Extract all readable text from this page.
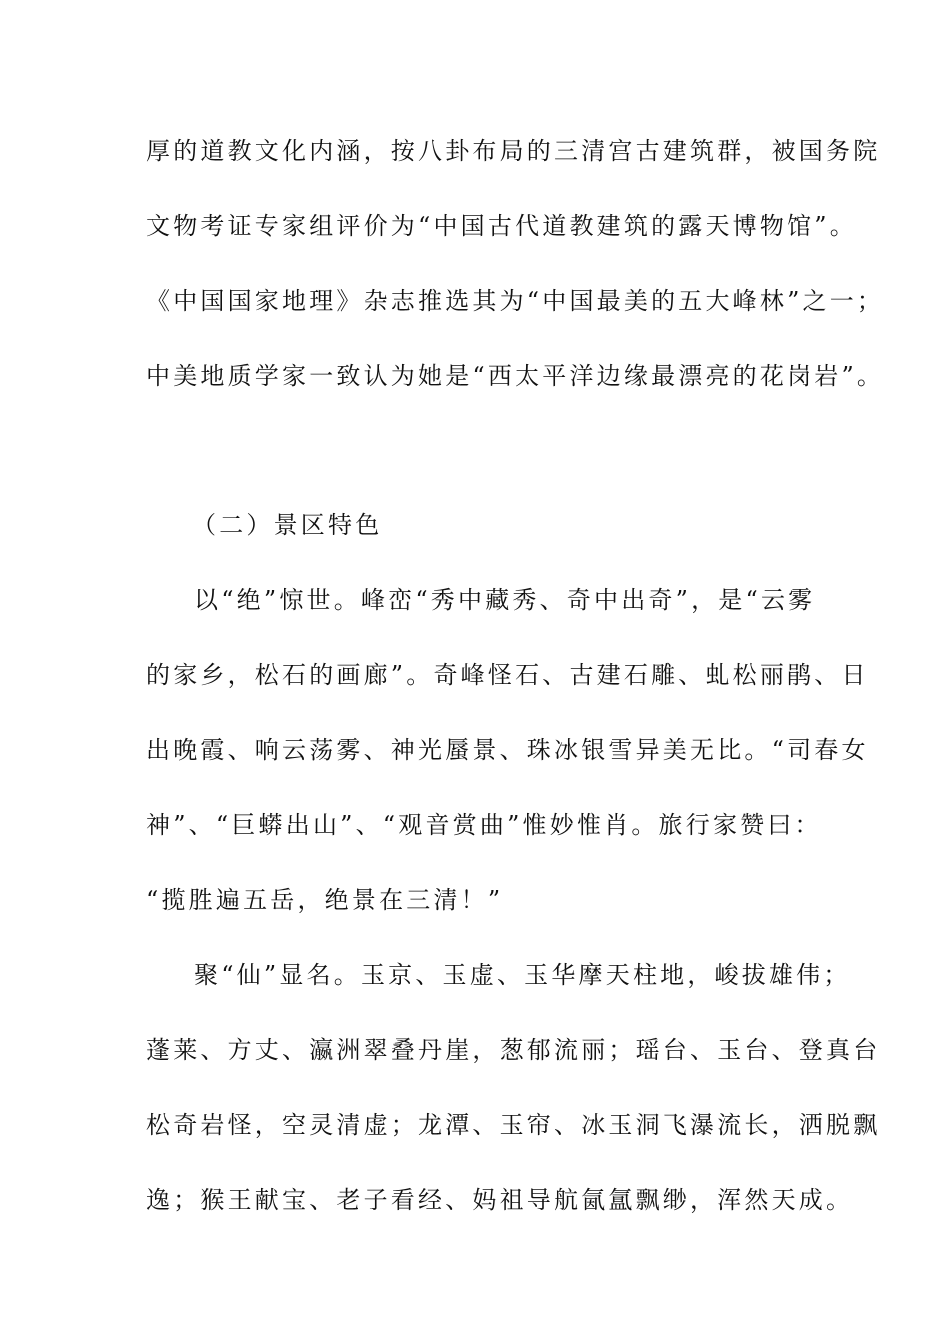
厚的道教文化内涵，按八卦布局的三清宫古建筑群，被国务院
文物考证专家组评价为“中国古代道教建筑的露天博物馆”。
《中国国家地理》杂志推选其为“中国最美的五大峰林”之一；
中美地质学家一致认为她是“西太平洋边缘最漂亮的花岗岩”。
（二）景区特色
以“绝”惊世。峰峦“秀中藏秀、奇中出奇”，是“云雾
的家乡，松石的画廊”。奇峰怪石、古建石雕、虬松丽鹃、日
出晚霞、响云荡雾、神光蜃景、珠冰银雪异美无比。“司春女
神”、“巨蟒出山”、“观音赏曲”惟妙惟肖。旅行家赞曰：
“揽胜遍五岳，绝景在三清！”
聚“仙”显名。玉京、玉虚、玉华摩天柱地，峻拔雄伟；
蓬莱、方丈、瀛洲翠叠丹崖，葱郁流丽；瑶台、玉台、登真台
松奇岩怪，空灵清虚；龙潭、玉帘、冰玉洞飞瀑流长，洒脱飘
逸；猴王献宝、老子看经、妈祖导航氤氲飘缈，浑然天成。
